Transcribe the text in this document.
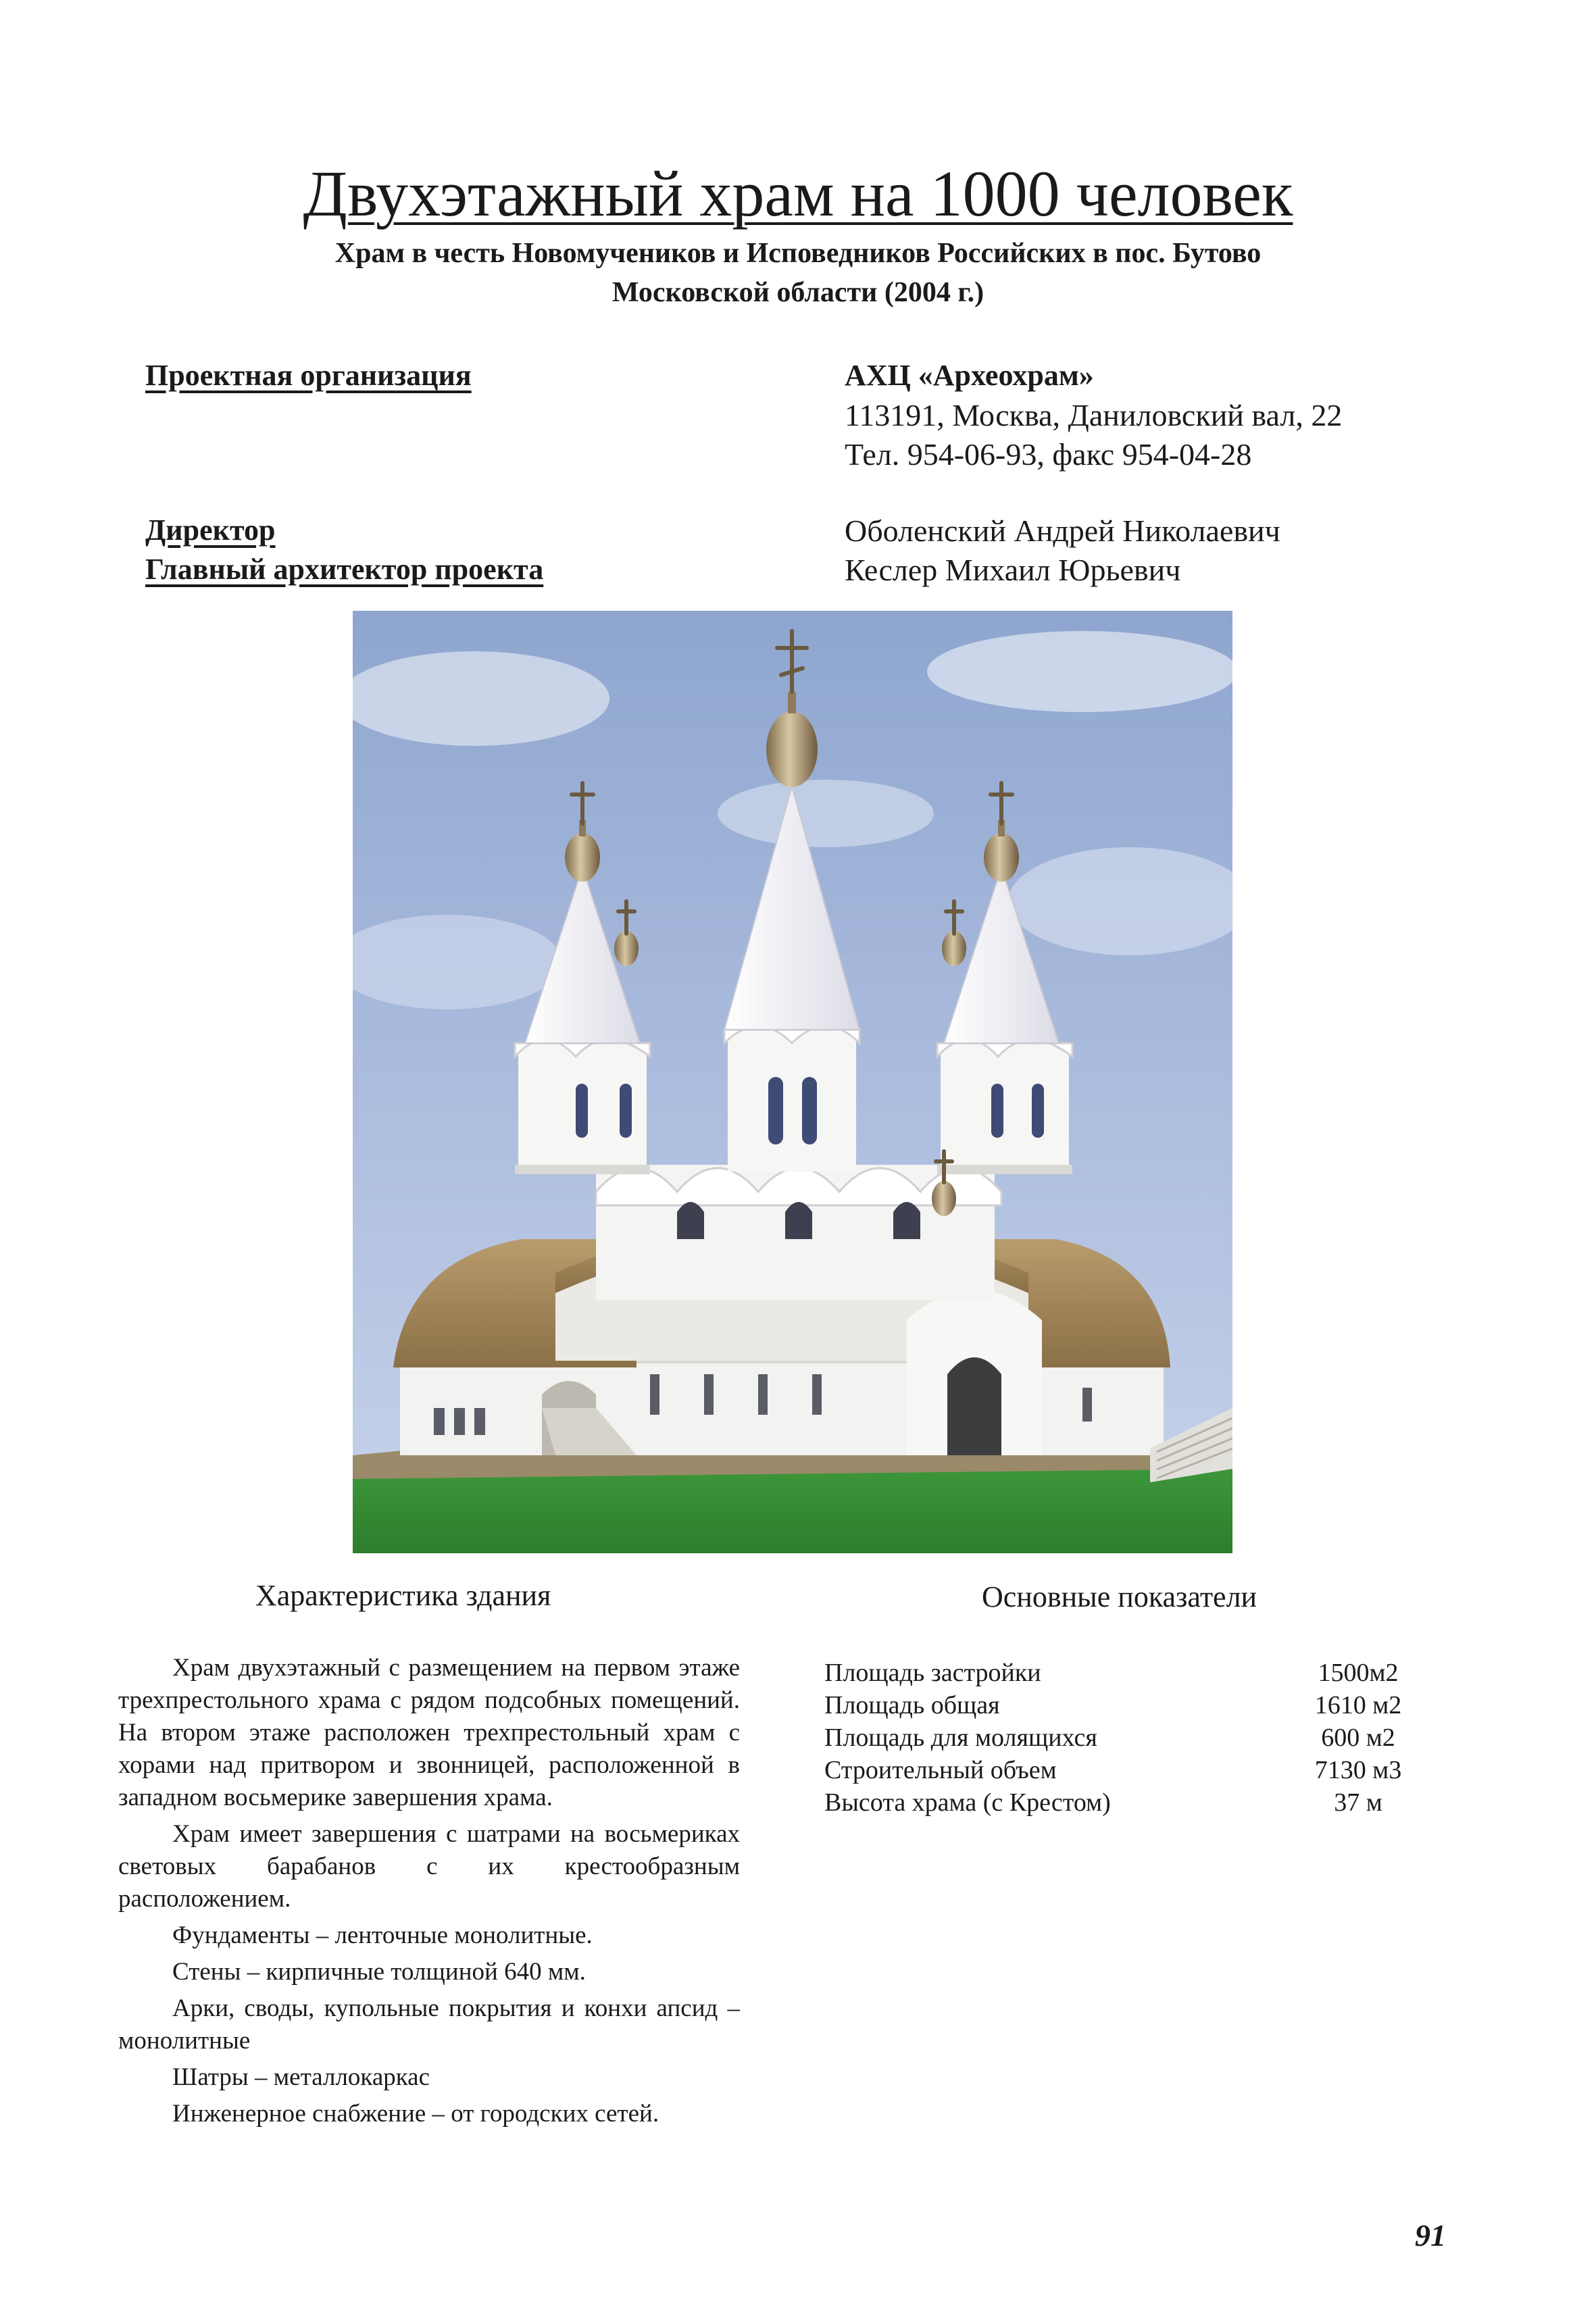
Двухэтажный храм на 1000 человек
Храм в честь Новомучеников и Исповедников Российских в пос. Бутово
Московской области (2004 г.)
Проектная организация	АХЦ «Археохрам»
113191, Москва, Даниловский вал, 22
Тел. 954-06-93, факс 954-04-28
Директор	Оболенский Андрей Николаевич
Главный архитектор проекта	Кеслер Михаил Юрьевич
Характеристика здания	Основные показатели

Храм двухэтажный с размещением на первом этаже трехпрестольного храма с рядом подсобных помещений. На втором этаже расположен трехпрестольный храм с хорами над притвором и звонницей, расположенной в западном восьмерике завершения храма.

Храм имеет завершения с шатрами на восьмериках световых барабанов с их крестообразным расположением.

Фундаменты – ленточные монолитные.

Стены – кирпичные толщиной 640 мм.

Арки, своды, купольные покрытия и конхи апсид –монолитные

Шатры – металлокаркас

Инженерное снабжение – от городских сетей.

Площадь застройки	1500м2
Площадь общая	1610 м2
Площадь для молящихся	600 м2
Строительный объем	7130 м3
Высота храма (с Крестом)	37 м
91
